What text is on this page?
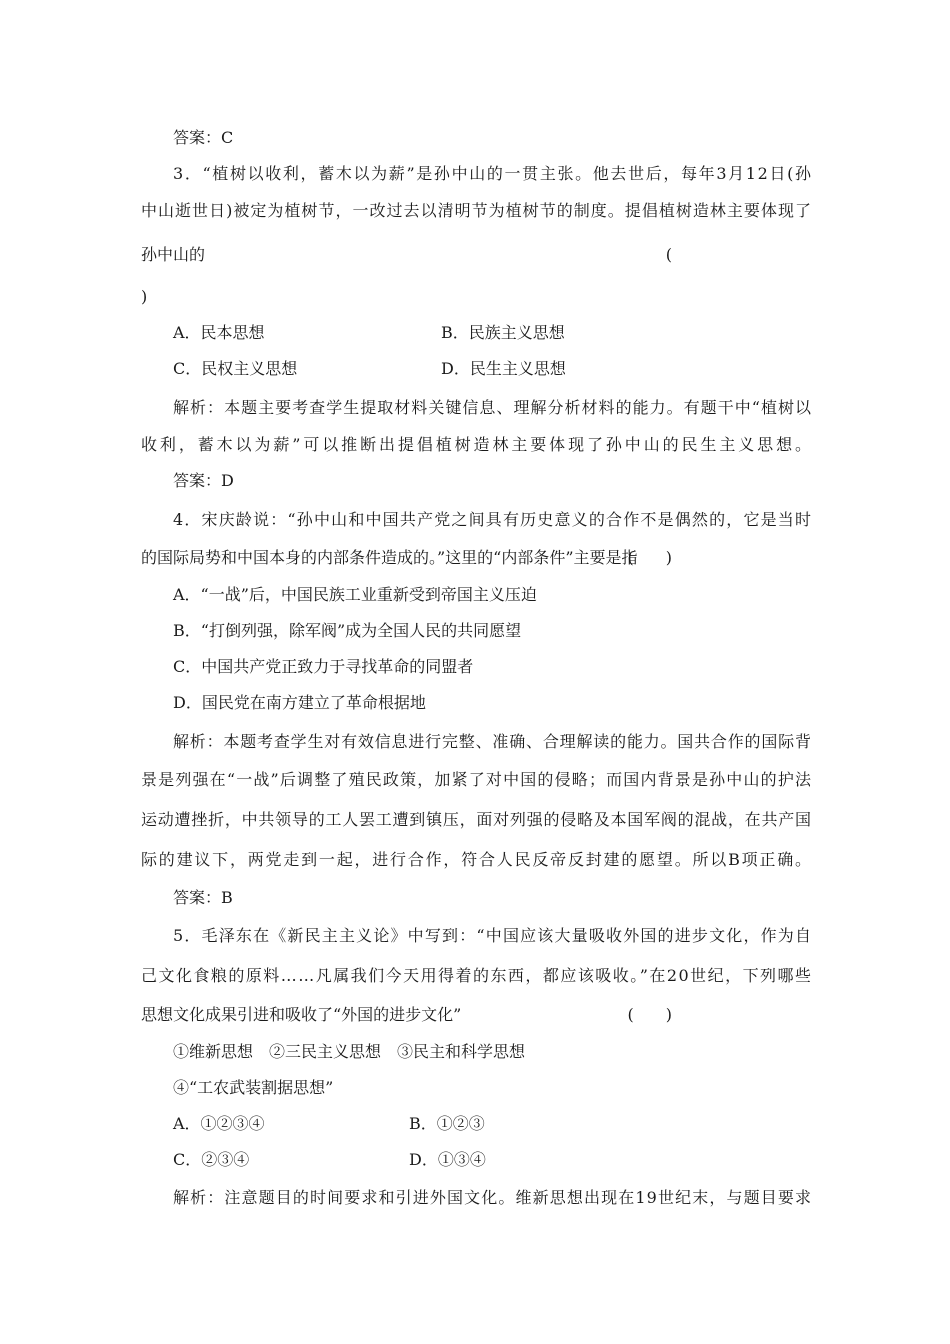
答案：C
3．“植树以收利，蓄木以为薪”是孙中山的一贯主张。他去世后，每年3月12日(孙
中山逝世日)被定为植树节，一改过去以清明节为植树节的制度。提倡植树造林主要体现了
孙中山的	(
)
A．民本思想	B．民族主义思想
C．民权主义思想	D．民生主义思想
解析：本题主要考查学生提取材料关键信息、理解分析材料的能力。有题干中“植树以
收利，蓄木以为薪”可以推断出提倡植树造林主要体现了孙中山的民生主义思想。
答案：D
4．宋庆龄说：“孙中山和中国共产党之间具有历史意义的合作不是偶然的，它是当时
的国际局势和中国本身的内部条件造成的。”这里的“内部条件”主要是指
(　　)
A．“一战”后，中国民族工业重新受到帝国主义压迫
B．“打倒列强，除军阀”成为全国人民的共同愿望
C．中国共产党正致力于寻找革命的同盟者
D．国民党在南方建立了革命根据地
解析：本题考查学生对有效信息进行完整、准确、合理解读的能力。国共合作的国际背
景是列强在“一战”后调整了殖民政策，加紧了对中国的侵略；而国内背景是孙中山的护法
运动遭挫折，中共领导的工人罢工遭到镇压，面对列强的侵略及本国军阀的混战，在共产国
际的建议下，两党走到一起，进行合作，符合人民反帝反封建的愿望。所以B项正确。
答案：B
5．毛泽东在《新民主主义论》中写到：“中国应该大量吸收外国的进步文化，作为自
己文化食粮的原料……凡属我们今天用得着的东西，都应该吸收。”在20世纪，下列哪些
思想文化成果引进和吸收了“外国的进步文化”	(　　)
①维新思想　②三民主义思想　③民主和科学思想
④“工农武装割据思想”
A．①②③④	B．①②③
C．②③④	D．①③④
解析：注意题目的时间要求和引进外国文化。维新思想出现在19世纪末，与题目要求
